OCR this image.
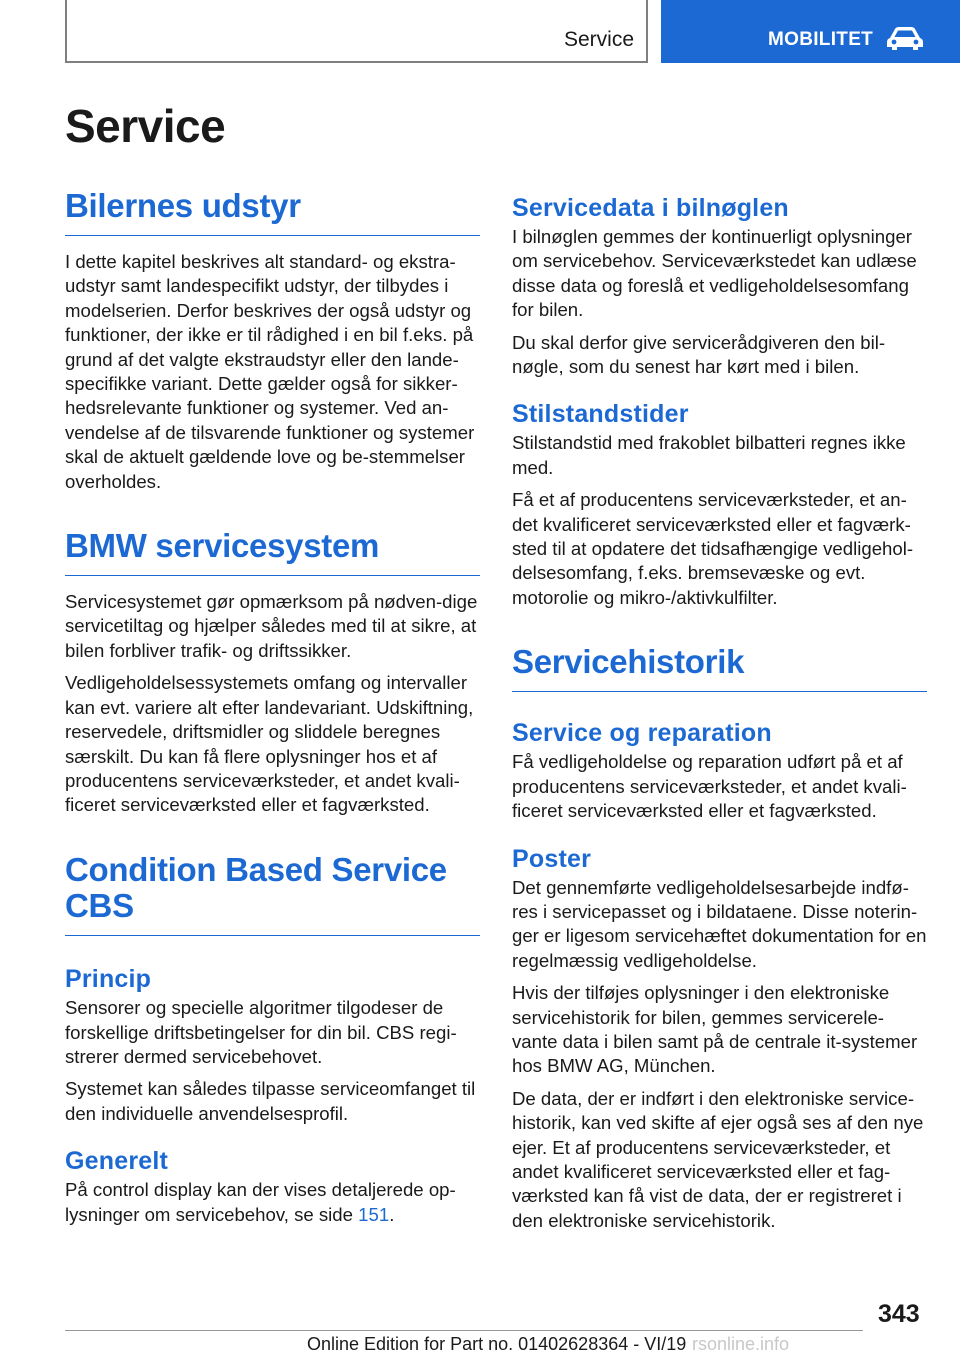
Service	MOBILITET
Service
Bilernes udstyr

I dette kapitel beskrives alt standard- og ekstra-udstyr samt landespecifikt udstyr, der tilbydes i modelserien. Derfor beskrives der også udstyr og funktioner, der ikke er til rådighed i en bil f.eks. på grund af det valgte ekstraudstyr eller den lande-specifikke variant. Dette gælder også for sikker-hedsrelevante funktioner og systemer. Ved an-vendelse af de tilsvarende funktioner og systemer skal de aktuelt gældende love og be-stemmelser overholdes.

BMW servicesystem

Servicesystemet gør opmærksom på nødven-dige servicetiltag og hjælper således med til at sikre, at bilen forbliver trafik- og driftssikker.

Vedligeholdelsessystemets omfang og intervaller kan evt. variere alt efter landevariant. Udskiftning, reservedele, driftsmidler og sliddele beregnes særskilt. Du kan få flere oplysninger hos et af producentens serviceværksteder, et andet kvali-ficeret serviceværksted eller et fagværksted.

Condition Based Service CBS
Princip

Sensorer og specielle algoritmer tilgodeser de forskellige driftsbetingelser for din bil. CBS regi-strerer dermed servicebehovet.

Systemet kan således tilpasse serviceomfanget til den individuelle anvendelsesprofil.

Generelt

På control display kan der vises detaljerede op-lysninger om servicebehov, se side 151.

Servicedata i bilnøglen

I bilnøglen gemmes der kontinuerligt oplysninger om servicebehov. Serviceværkstedet kan udlæse disse data og foreslå et vedligeholdelsesomfang for bilen.

Du skal derfor give servicerådgiveren den bil-nøgle, som du senest har kørt med i bilen.

Stilstandstider

Stilstandstid med frakoblet bilbatteri regnes ikke med.

Få et af producentens serviceværksteder, et an-det kvalificeret serviceværksted eller et fagværk-sted til at opdatere det tidsafhængige vedligehol-delsesomfang, f.eks. bremsevæske og evt. motorolie og mikro-/aktivkulfilter.

Servicehistorik
Service og reparation

Få vedligeholdelse og reparation udført på et af producentens serviceværksteder, et andet kvali-ficeret serviceværksted eller et fagværksted.

Poster

Det gennemførte vedligeholdelsesarbejde indfø-res i servicepasset og i bildataene. Disse noterin-ger er ligesom servicehæftet dokumentation for en regelmæssig vedligeholdelse.

Hvis der tilføjes oplysninger i den elektroniske servicehistorik for bilen, gemmes servicerele-vante data i bilen samt på de centrale it-systemer hos BMW AG, München.

De data, der er indført i den elektroniske service-historik, kan ved skifte af ejer også ses af den nye ejer. Et af producentens serviceværksteder, et andet kvalificeret serviceværksted eller et fag-værksted kan få vist de data, der er registreret i den elektroniske servicehistorik.

343
Online Edition for Part no. 01402628364 - VI/19 rsonline.info
